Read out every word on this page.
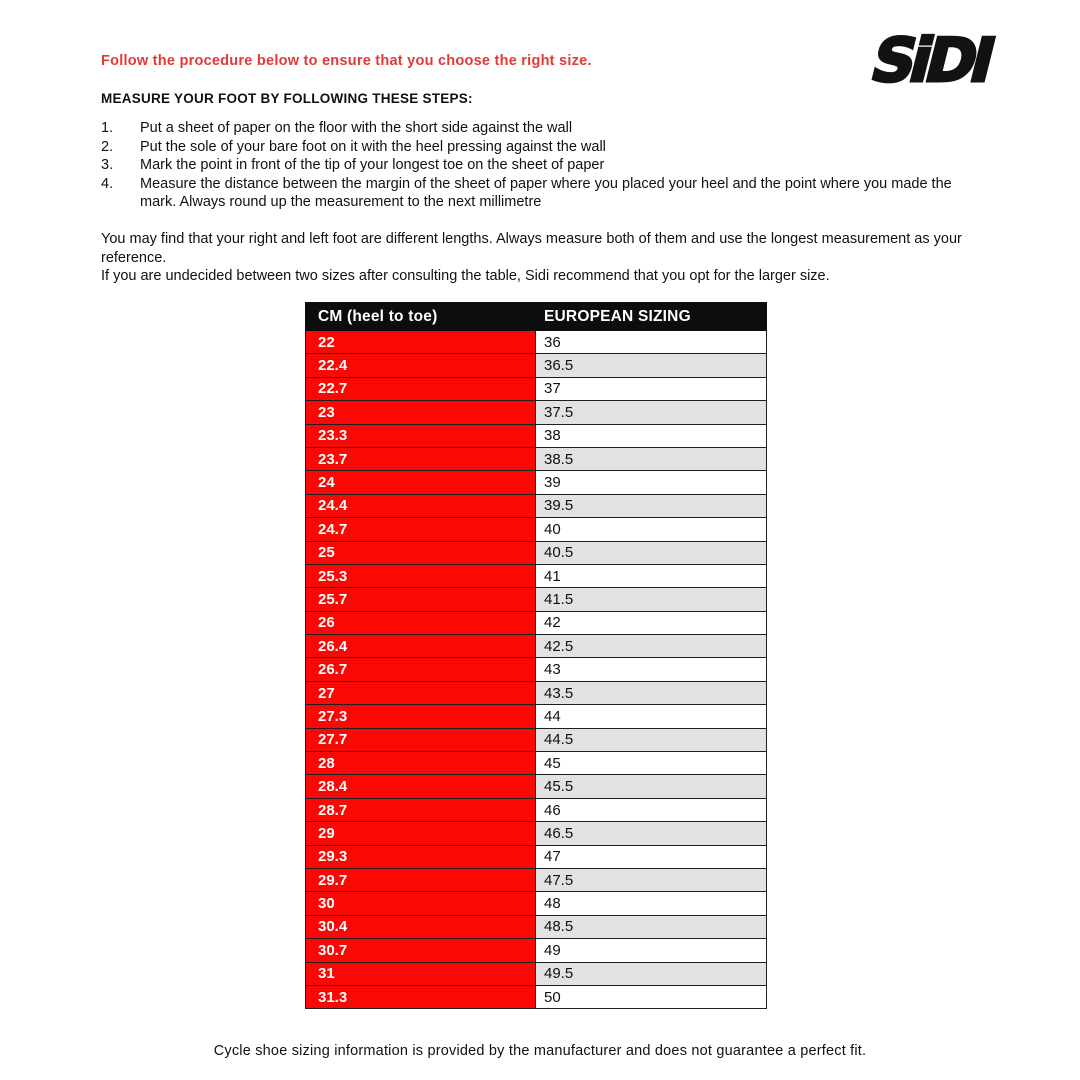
Follow the procedure below to ensure that you choose the right size.	SiDI
MEASURE YOUR FOOT BY FOLLOWING THESE STEPS:
1.	Put a sheet of paper on the floor with the short side against the wall
2.	Put the sole of your bare foot on it with the heel pressing against the wall
3.	Mark the point in front of the tip of your longest toe on the sheet of paper
4.	Measure the distance between the margin of the sheet of paper where you placed your heel and the point where you made the mark. Always round up the measurement to the next millimetre

You may find that your right and left foot are different lengths. Always measure both of them and use the longest measurement as your reference.

If you are undecided between two sizes after consulting the table, Sidi recommend that you opt for the larger size.

CM (heel to toe)	EUROPEAN SIZING
22	36
22.4	36.5
22.7	37
23	37.5
23.3	38
23.7	38.5
24	39
24.4	39.5
24.7	40
25	40.5
25.3	41
25.7	41.5
26	42
26.4	42.5
26.7	43
27	43.5
27.3	44
27.7	44.5
28	45
28.4	45.5
28.7	46
29	46.5
29.3	47
29.7	47.5
30	48
30.4	48.5
30.7	49
31	49.5
31.3	50
Cycle shoe sizing information is provided by the manufacturer and does not guarantee a perfect fit.
